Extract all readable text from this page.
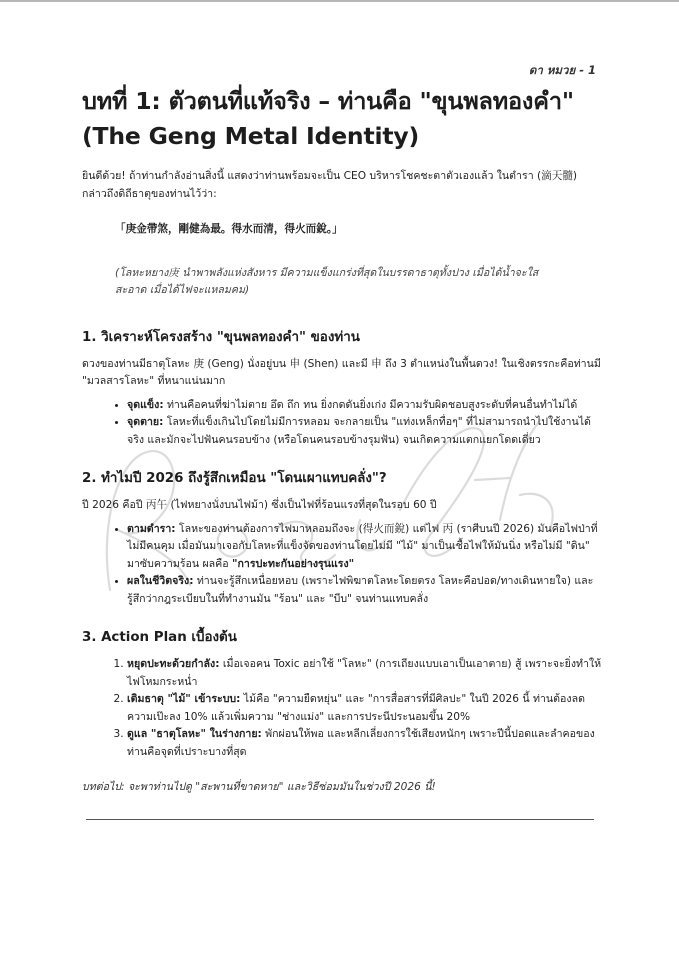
ดา หมวย - 1
บทที่ 1: ตัวตนที่แท้จริง – ท่านคือ "ขุนพลทองคำ" (The Geng Metal Identity)

ยินดีด้วย! ถ้าท่านกำลังอ่านสิ่งนี้ แสดงว่าท่านพร้อมจะเป็น CEO บริหารโชคชะตาตัวเองแล้ว ในตำรา (滴天髓) กล่าวถึงดิถีธาตุของท่านไว้ว่า:

「庚金帶煞，剛健為最。得水而清，得火而銳。」

(โลหะหยาง庚 นำพาพลังแห่งสังหาร มีความแข็งแกร่งที่สุดในบรรดาธาตุทั้งปวง เมื่อได้น้ำจะใส สะอาด เมื่อได้ไฟจะแหลมคม)

1. วิเคราะห์โครงสร้าง "ขุนพลทองคำ" ของท่าน

ดวงของท่านมีธาตุโลหะ 庚 (Geng) นั่งอยู่บน 申 (Shen) และมี 申 ถึง 3 ตำแหน่งในพื้นดวง! ในเชิงตรรกะคือท่านมี "มวลสารโลหะ" ที่หนาแน่นมาก

• จุดแข็ง: ท่านคือคนที่ฆ่าไม่ตาย อึด ถึก ทน ยิ่งกดดันยิ่งเก่ง มีความรับผิดชอบสูงระดับที่คนอื่นทำไม่ได้
• จุดตาย: โลหะที่แข็งเกินไปโดยไม่มีการหลอม จะกลายเป็น "แท่งเหล็กทื่อๆ" ที่ไม่สามารถนำไปใช้งานได้จริง และมักจะไปฟันคนรอบข้าง (หรือโดนคนรอบข้างรุมฟัน) จนเกิดความแตกแยกโดดเดี่ยว
2. ทำไมปี 2026 ถึงรู้สึกเหมือน "โดนเผาแทบคลั่ง"?

ปี 2026 คือปี 丙午 (ไฟหยางนั่งบนไฟม้า) ซึ่งเป็นไฟที่ร้อนแรงที่สุดในรอบ 60 ปี

• ตามตำรา: โลหะของท่านต้องการไฟมาหลอมถึงจะ (得火而銳) แต่ไฟ 丙 (ราศีบนปี 2026) มันคือไฟป่าที่ไม่มีคนคุม เมื่อมันมาเจอกับโลหะที่แข็งจัดของท่านโดยไม่มี "ไม้" มาเป็นเชื้อไฟให้มันนิ่ง หรือไม่มี "ดิน" มาซับความร้อน ผลคือ "การปะทะกันอย่างรุนแรง"
• ผลในชีวิตจริง: ท่านจะรู้สึกเหนื่อยหอบ (เพราะไฟพิฆาตโลหะโดยตรง โลหะคือปอด/ทางเดินหายใจ) และรู้สึกว่ากฎระเบียบในที่ทำงานมัน "ร้อน" และ "บีบ" จนท่านแทบคลั่ง
3. Action Plan เบื้องต้น
1. หยุดปะทะด้วยกำลัง: เมื่อเจอคน Toxic อย่าใช้ "โลหะ" (การเถียงแบบเอาเป็นเอาตาย) สู้ เพราะจะยิ่งทำให้ไฟโหมกระหน่ำ
2. เติมธาตุ "ไม้" เข้าระบบ: ไม้คือ "ความยืดหยุ่น" และ "การสื่อสารที่มีศิลปะ" ในปี 2026 นี้ ท่านต้องลดความเป๊ะลง 10% แล้วเพิ่มความ "ช่างแม่ง" และการประนีประนอมขึ้น 20%
3. ดูแล "ธาตุโลหะ" ในร่างกาย: พักผ่อนให้พอ และหลีกเลี่ยงการใช้เสียงหนักๆ เพราะปีนี้ปอดและลำคอของท่านคือจุดที่เปราะบางที่สุด

บทต่อไป: จะพาท่านไปดู "สะพานที่ขาดหาย" และวิธีซ่อมมันในช่วงปี 2026 นี้!
